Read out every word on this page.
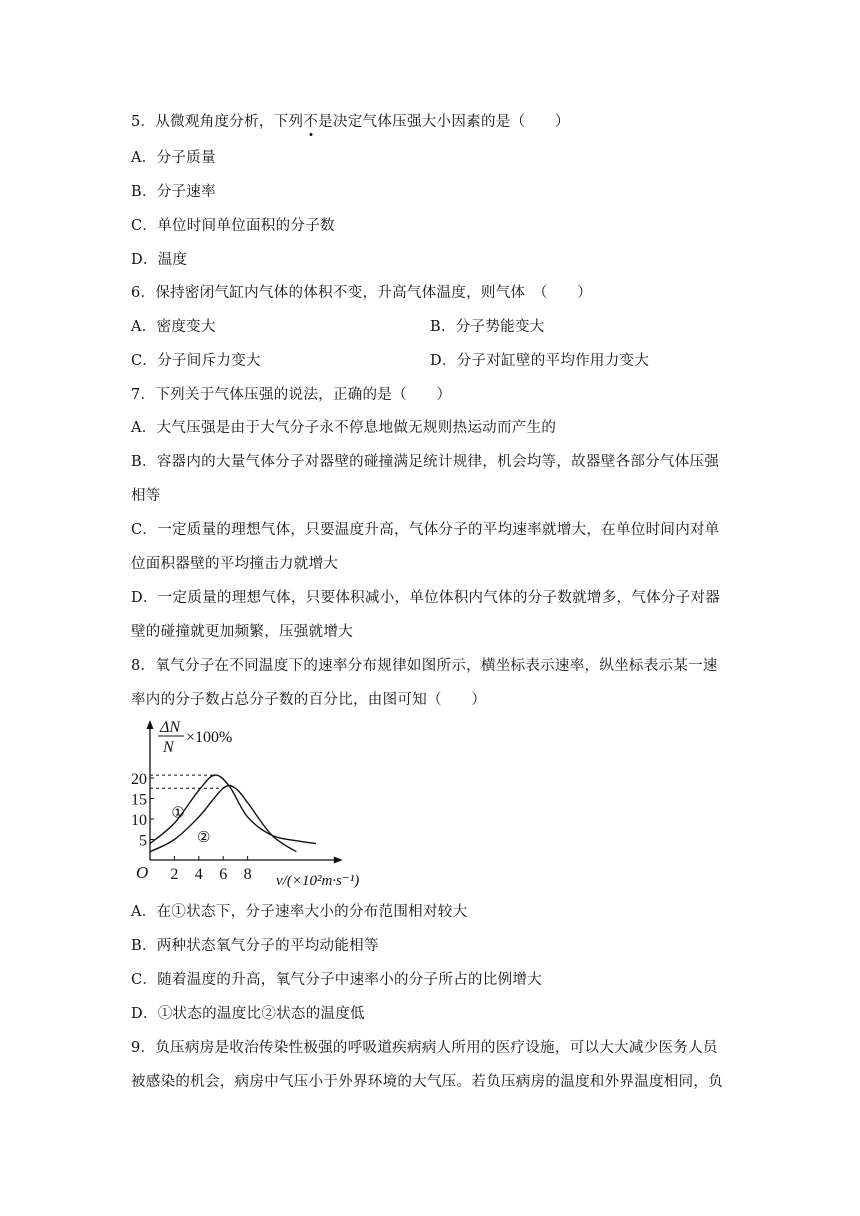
5．从微观角度分析，下列不是决定气体压强大小因素的是（　　）
A．分子质量
B．分子速率
C．单位时间单位面积的分子数
D．温度
6．保持密闭气缸内气体的体积不变，升高气体温度，则气体　（　　）
A．密度变大	B．分子势能变大
C．分子间斥力变大	D．分子对缸壁的平均作用力变大
7．下列关于气体压强的说法，正确的是（　　）
A．大气压强是由于大气分子永不停息地做无规则热运动而产生的
B．容器内的大量气体分子对器壁的碰撞满足统计规律，机会均等，故器壁各部分气体压强
相等
C．一定质量的理想气体，只要温度升高，气体分子的平均速率就增大，在单位时间内对单
位面积器壁的平均撞击力就增大
D．一定质量的理想气体，只要体积减小，单位体积内气体的分子数就增多，气体分子对器
壁的碰撞就更加频繁，压强就增大
8．氧气分子在不同温度下的速率分布规律如图所示，横坐标表示速率，纵坐标表示某一速
率内的分子数占总分子数的百分比，由图可知（　　）
ΔN
N
×100%
O	v/(×10²m·s⁻¹)
2 4 6 8
5
10
15
20
①
②
A．在①状态下，分子速率大小的分布范围相对较大
B．两种状态氧气分子的平均动能相等
C．随着温度的升高，氧气分子中速率小的分子所占的比例增大
D．①状态的温度比②状态的温度低
9．负压病房是收治传染性极强的呼吸道疾病病人所用的医疗设施，可以大大减少医务人员
被感染的机会，病房中气压小于外界环境的大气压。若负压病房的温度和外界温度相同，负
